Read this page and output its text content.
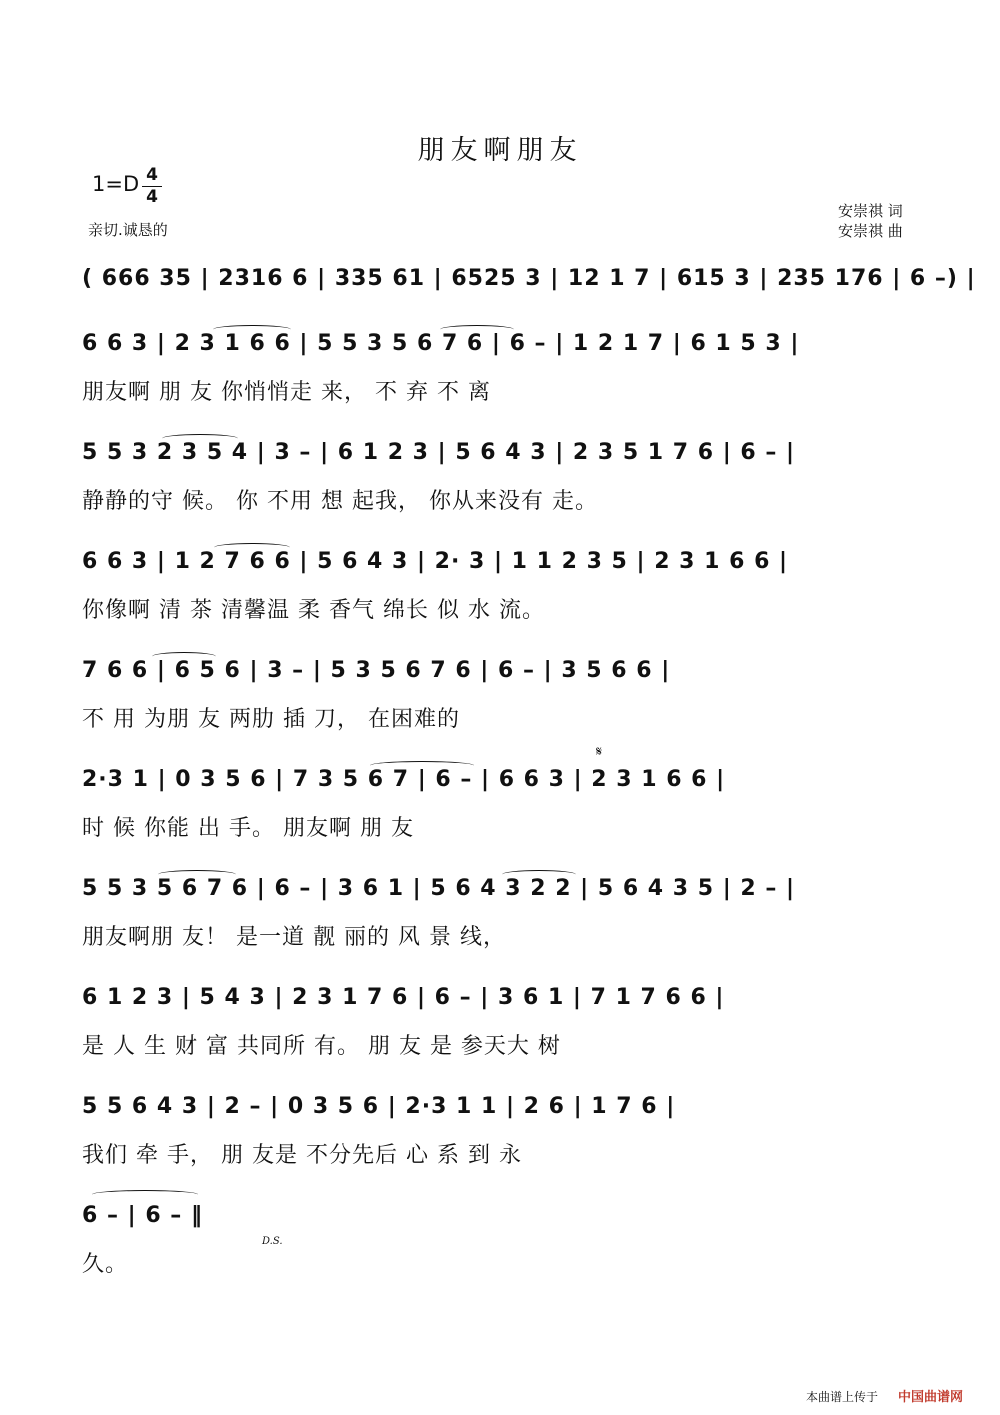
朋友啊朋友
1=D 4
4
亲切.诚恳的
安崇祺 词
安崇祺 曲
( 666 35 | 2316 6 | 335 61 | 6525 3 | 12 1 7 | 615 3 | 235 176 | 6 –) |
6 6 3 | 2 3 1 6 6 | 5 5 3 5 6 7 6 | 6 – | 1 2 1 7 | 6 1 5 3 |
朋友啊 朋 友 你悄悄走 来， 不 弃 不 离
5 5 3 2 3 5 4 | 3 – | 6 1 2 3 | 5 6 4 3 | 2 3 5 1 7 6 | 6 – |
静静的守 候。 你 不用 想 起我， 你从来没有 走。
6 6 3 | 1 2 7 6 6 | 5 6 4 3 | 2· 3 | 1 1 2 3 5 | 2 3 1 6 6 |
你像啊 清 茶 清馨温 柔 香气 绵长 似 水 流。
7 6 6 | 6 5 6 | 3 – | 5 3 5 6 7 6 | 6 – | 3 5 6 6 |
不 用 为朋 友 两肋 插 刀， 在困难的
𝄋
2·3 1 | 0 3 5 6 | 7 3 5 6 7 | 6 – | 6 6 3 | 2 3 1 6 6 |
时 候 你能 出 手。 朋友啊 朋 友
5 5 3 5 6 7 6 | 6 – | 3 6 1 | 5 6 4 3 2 2 | 5 6 4 3 5 | 2 – |
朋友啊朋 友！ 是一道 靓 丽的 风 景 线，
6 1 2 3 | 5 4 3 | 2 3 1 7 6 | 6 – | 3 6 1 | 7 1 7 6 6 |
是 人 生 财 富 共同所 有。 朋 友 是 参天大 树
5 5 6 4 3 | 2 – | 0 3 5 6 | 2·3 1 1 | 2 6 | 1 7 6 |
我们 牵 手， 朋 友是 不分先后 心 系 到 永
6 – | 6 – ‖
D.S.
久。
本曲谱上传于 中国曲谱网
